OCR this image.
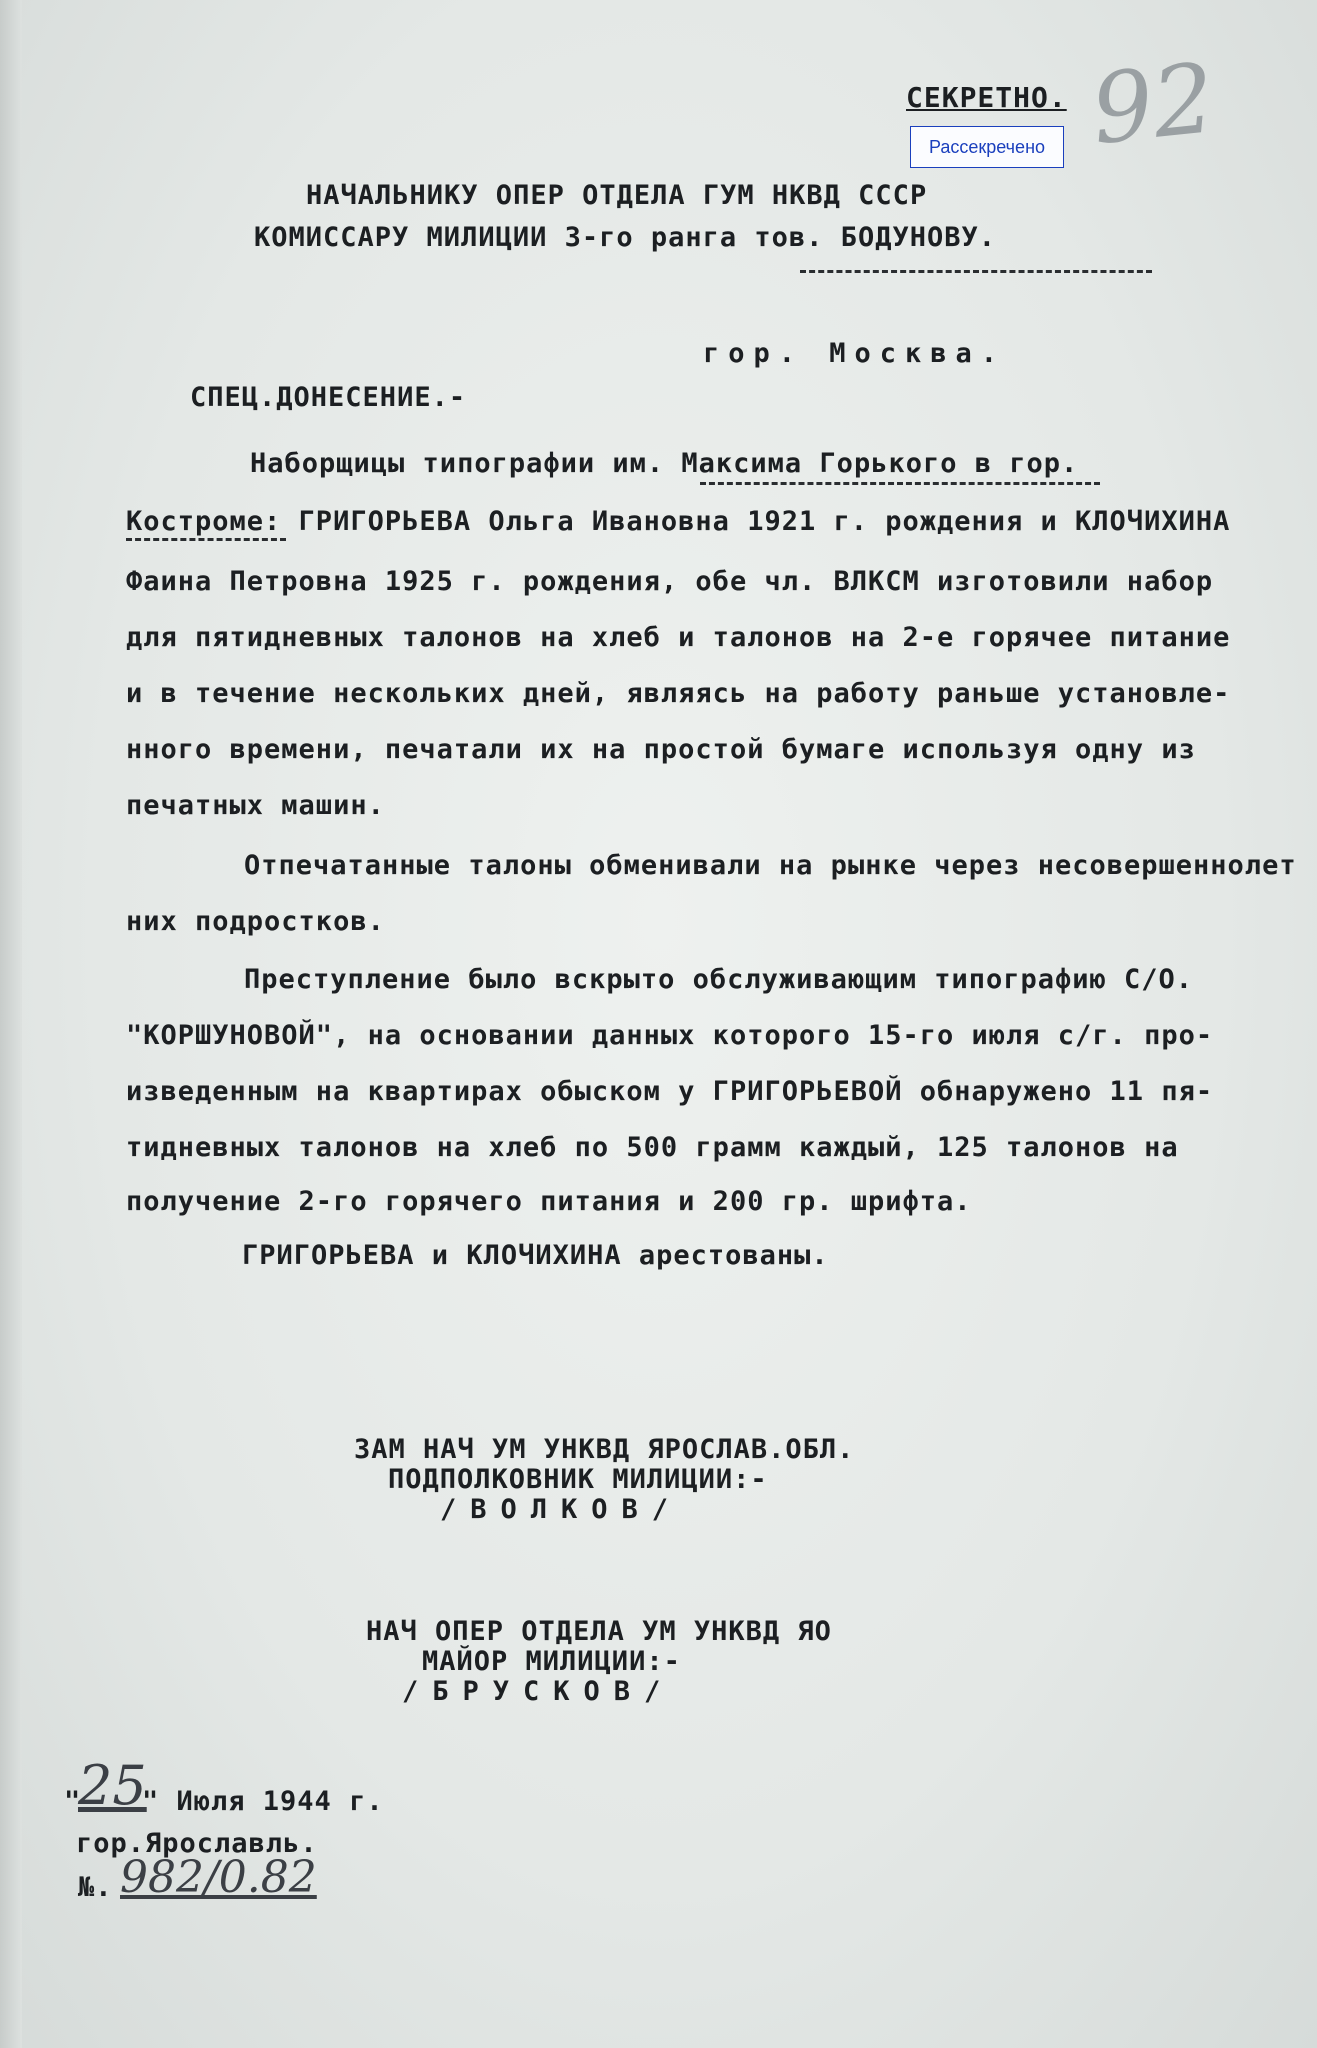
СЕКРЕТНО.
Рассекречено 92
НАЧАЛЬНИКУ ОПЕР ОТДЕЛА ГУМ НКВД СССР
КОМИССАРУ МИЛИЦИИ 3-го ранга тов. БОДУНОВУ.
гор. Москва.
СПЕЦ.ДОНЕСЕНИЕ.-
Наборщицы типографии им. Максима Горького в гор.
Костроме: ГРИГОРЬЕВА Ольга Ивановна 1921 г. рождения и КЛОЧИХИНА
Фаина Петровна 1925 г. рождения, обе чл. ВЛКСМ изготовили набор
для пятидневных талонов на хлеб и талонов на 2-е горячее питание
и в течение нескольких дней, являясь на работу раньше установле-
нного времени, печатали их на простой бумаге используя одну из
печатных машин.
Отпечатанные талоны обменивали на рынке через несовершеннолет
них подростков.
Преступление было вскрыто обслуживающим типографию С/О.
"КОРШУНОВОЙ", на основании данных которого 15-го июля с/г. про-
изведенным на квартирах обыском у ГРИГОРЬЕВОЙ обнаружено 11 пя-
тидневных талонов на хлеб по 500 грамм каждый, 125 талонов на
получение 2-го горячего питания и 200 гр. шрифта.
ГРИГОРЬЕВА и КЛОЧИХИНА арестованы.
ЗАМ НАЧ УМ УНКВД ЯРОСЛАВ.ОБЛ.
ПОДПОЛКОВНИК МИЛИЦИИ:-
/ВОЛКОВ/
НАЧ ОПЕР ОТДЕЛА УМ УНКВД ЯО
МАЙОР МИЛИЦИИ:-
/БРУСКОВ/
"
25
" Июля 1944 г.
гор.Ярославль.
№. 982/0.82
